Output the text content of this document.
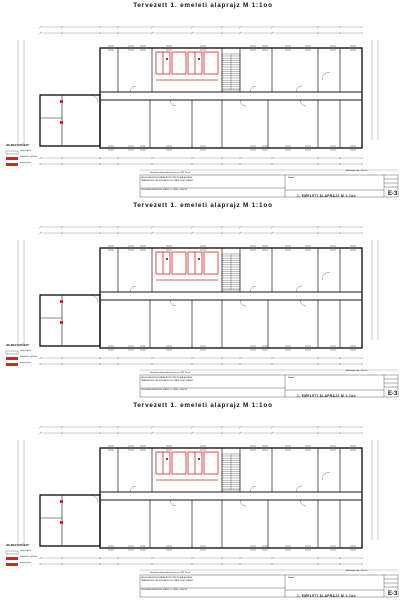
Tervezett 1. emeleti alaprajz M 1:1oo
JELMAGYARÁZAT:
meglévő falazat
bontandó fal / nyílászáró
tervezett falazat
Hasznos alapterület összesen: 903,19 m²
Belmagasság: 3,6o m
BELSŐ KIALAKÍTÁS SZABAS EPÜLET BELSŐ ÁTALAKÍTÁSA
JAVASLATKÉSZÍTÉS MŰSZAKI ÉS KÖLTSÉGI LEHETŐSÉGEK
8749 BALATONFENYVES SZEKELY U. HRSZ.: 1068 /18
Tervező:
1. EMELETI ALAPRAJZ M 1:1oo	E-3
Tervezett 1. emeleti alaprajz M 1:1oo
JELMAGYARÁZAT:
meglévő falazat
bontandó fal / nyílászáró
tervezett falazat
Hasznos alapterület összesen: 903,19 m²
Belmagasság: 3,6o m
BELSŐ KIALAKÍTÁS SZABAS EPÜLET BELSŐ ÁTALAKÍTÁSA
JAVASLATKÉSZÍTÉS MŰSZAKI ÉS KÖLTSÉGI LEHETŐSÉGEK
8749 BALATONFENYVES SZEKELY U. HRSZ.: 1068 /18
Tervező:
1. EMELETI ALAPRAJZ M 1:1oo	E-3
Tervezett 1. emeleti alaprajz M 1:1oo
JELMAGYARÁZAT:
meglévő falazat
bontandó fal / nyílászáró
tervezett falazat
Hasznos alapterület összesen: 903,19 m²
Belmagasság: 3,6o m
BELSŐ KIALAKÍTÁS SZABAS EPÜLET BELSŐ ÁTALAKÍTÁSA
JAVASLATKÉSZÍTÉS MŰSZAKI ÉS KÖLTSÉGI LEHETŐSÉGEK
8749 BALATONFENYVES SZEKELY U. HRSZ.: 1068 /18
Tervező:
1. EMELETI ALAPRAJZ M 1:1oo	E-3
